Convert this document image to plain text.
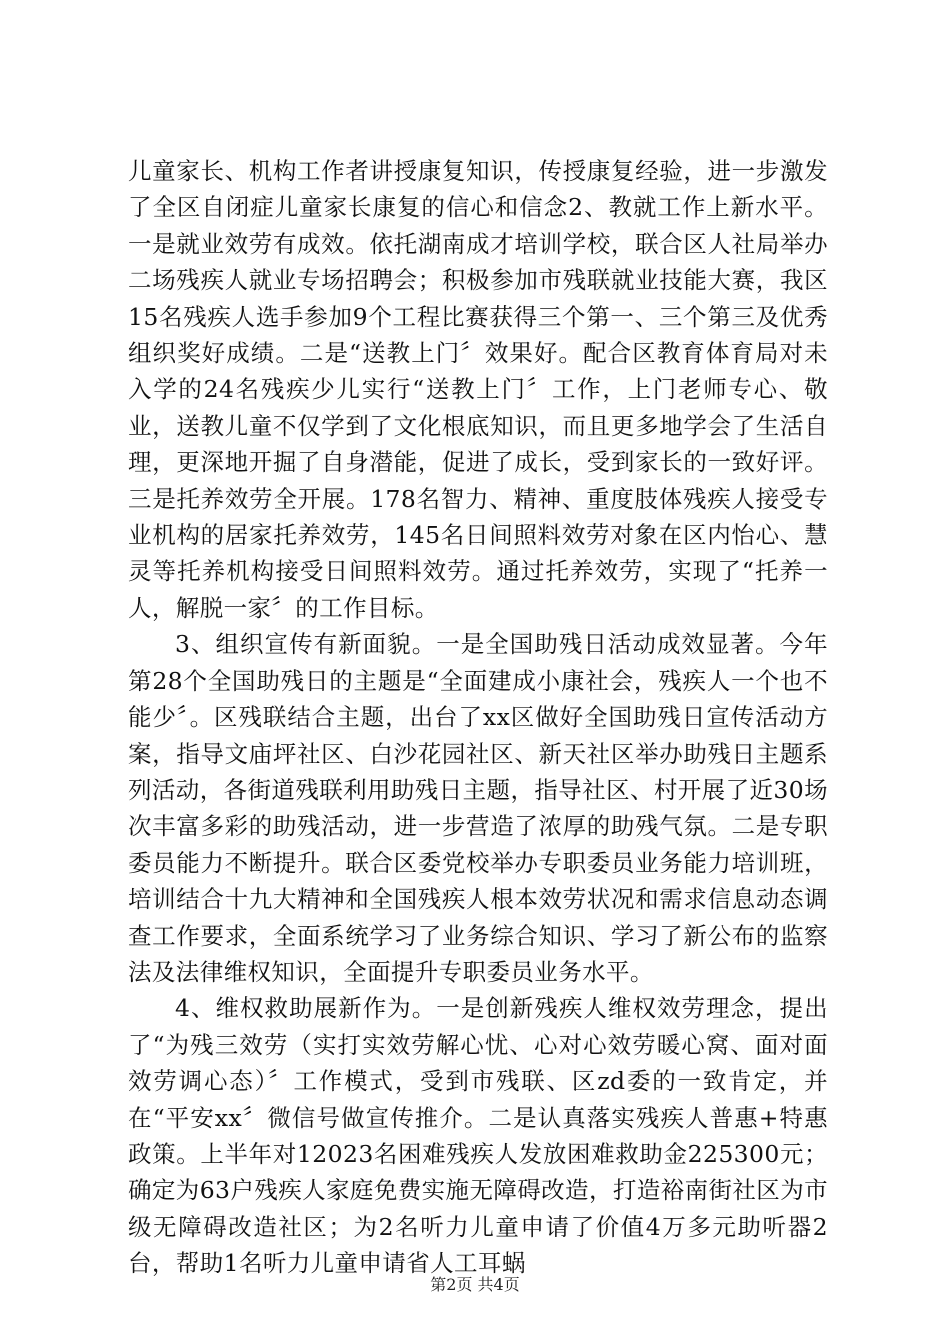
儿童家长、机构工作者讲授康复知识，传授康复经验，进一步激发了全区自闭症儿童家长康复的信心和信念2、教就工作上新水平。一是就业效劳有成效。依托湖南成才培训学校，联合区人社局举办二场残疾人就业专场招聘会；积极参加市残联就业技能大赛，我区15名残疾人选手参加9个工程比赛获得三个第一、三个第三及优秀组织奖好成绩。二是“送教上门〞效果好。配合区教育体育局对未入学的24名残疾少儿实行“送教上门〞工作，上门老师专心、敬业，送教儿童不仅学到了文化根底知识，而且更多地学会了生活自理，更深地开掘了自身潜能，促进了成长，受到家长的一致好评。三是托养效劳全开展。178名智力、精神、重度肢体残疾人接受专业机构的居家托养效劳，145名日间照料效劳对象在区内怡心、慧灵等托养机构接受日间照料效劳。通过托养效劳，实现了“托养一人，解脱一家〞的工作目标。

3、组织宣传有新面貌。一是全国助残日活动成效显著。今年第28个全国助残日的主题是“全面建成小康社会，残疾人一个也不能少〞。区残联结合主题，出台了xx区做好全国助残日宣传活动方案，指导文庙坪社区、白沙花园社区、新天社区举办助残日主题系列活动，各街道残联利用助残日主题，指导社区、村开展了近30场次丰富多彩的助残活动，进一步营造了浓厚的助残气氛。二是专职委员能力不断提升。联合区委党校举办专职委员业务能力培训班，培训结合十九大精神和全国残疾人根本效劳状况和需求信息动态调查工作要求，全面系统学习了业务综合知识、学习了新公布的监察法及法律维权知识，全面提升专职委员业务水平。

4、维权救助展新作为。一是创新残疾人维权效劳理念，提出了“为残三效劳（实打实效劳解心忧、心对心效劳暖心窝、面对面效劳调心态）〞工作模式，受到市残联、区zd委的一致肯定，并在“平安xx〞微信号做宣传推介。二是认真落实残疾人普惠+特惠政策。上半年对12023名困难残疾人发放困难救助金225300元；确定为63户残疾人家庭免费实施无障碍改造，打造裕南街社区为市级无障碍改造社区；为2名听力儿童申请了价值4万多元助听器2台，帮助1名听力儿童申请省人工耳蜗

第2页 共4页
